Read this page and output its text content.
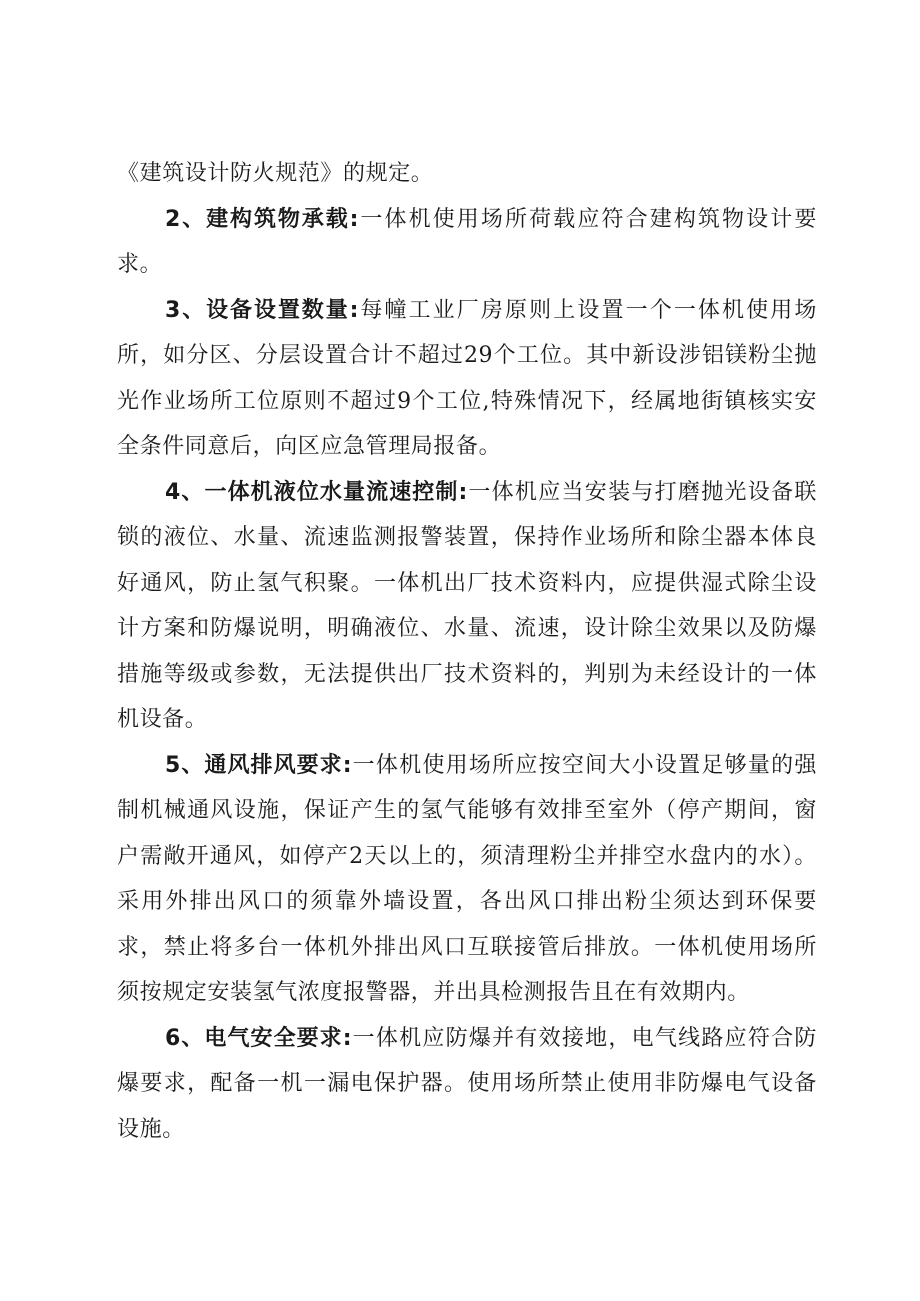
《建筑设计防火规范》的规定。

2、建构筑物承载:一体机使用场所荷载应符合建构筑物设计要求。

3、设备设置数量:每幢工业厂房原则上设置一个一体机使用场所，如分区、分层设置合计不超过29个工位。其中新设涉铝镁粉尘抛光作业场所工位原则不超过9个工位,特殊情况下，经属地街镇核实安全条件同意后，向区应急管理局报备。

4、一体机液位水量流速控制:一体机应当安装与打磨抛光设备联锁的液位、水量、流速监测报警装置，保持作业场所和除尘器本体良好通风，防止氢气积聚。一体机出厂技术资料内，应提供湿式除尘设计方案和防爆说明，明确液位、水量、流速，设计除尘效果以及防爆措施等级或参数，无法提供出厂技术资料的，判别为未经设计的一体机设备。

5、通风排风要求:一体机使用场所应按空间大小设置足够量的强制机械通风设施，保证产生的氢气能够有效排至室外（停产期间，窗户需敞开通风，如停产2天以上的，须清理粉尘并排空水盘内的水）。采用外排出风口的须靠外墙设置，各出风口排出粉尘须达到环保要求，禁止将多台一体机外排出风口互联接管后排放。一体机使用场所须按规定安装氢气浓度报警器，并出具检测报告且在有效期内。

6、电气安全要求:一体机应防爆并有效接地，电气线路应符合防爆要求，配备一机一漏电保护器。使用场所禁止使用非防爆电气设备设施。
